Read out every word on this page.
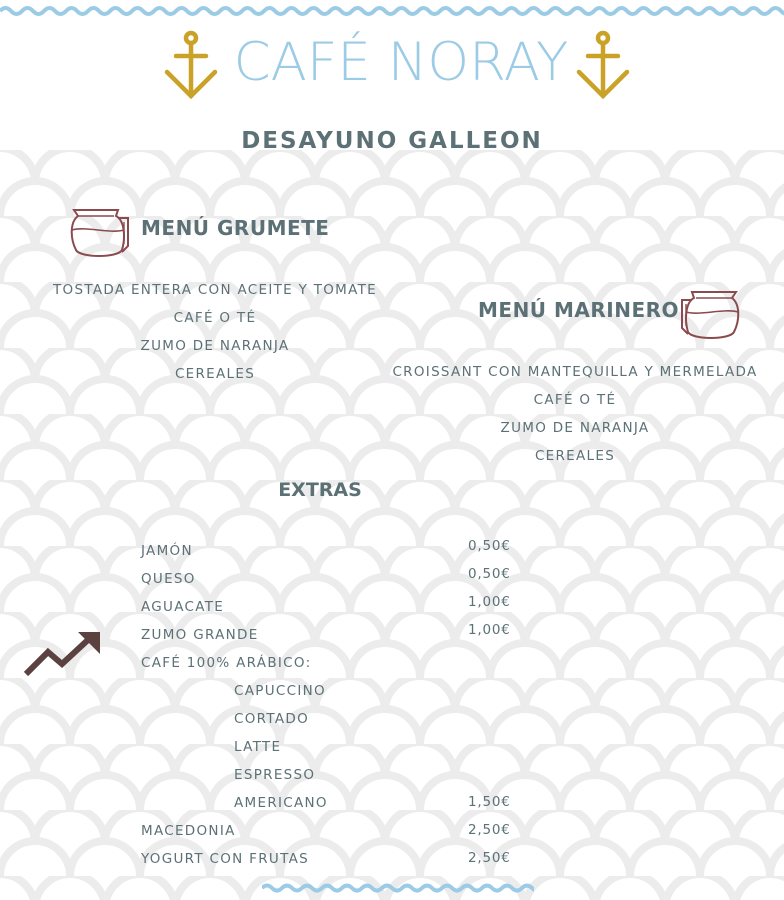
CAFÉ NORAY
DESAYUNO GALLEON
MENÚ GRUMETE
TOSTADA ENTERA CON ACEITE Y TOMATE
CAFÉ O TÉ
ZUMO DE NARANJA
CEREALES
MENÚ MARINERO
CROISSANT CON MANTEQUILLA Y MERMELADA
CAFÉ O TÉ
ZUMO DE NARANJA
CEREALES
EXTRAS
JAMÓN	0,50€
QUESO	0,50€
AGUACATE	1,00€
ZUMO GRANDE	1,00€
CAFÉ 100% ARÁBICO:
CAPUCCINO
CORTADO
LATTE
ESPRESSO
AMERICANO	1,50€
MACEDONIA	2,50€
YOGURT CON FRUTAS	2,50€
